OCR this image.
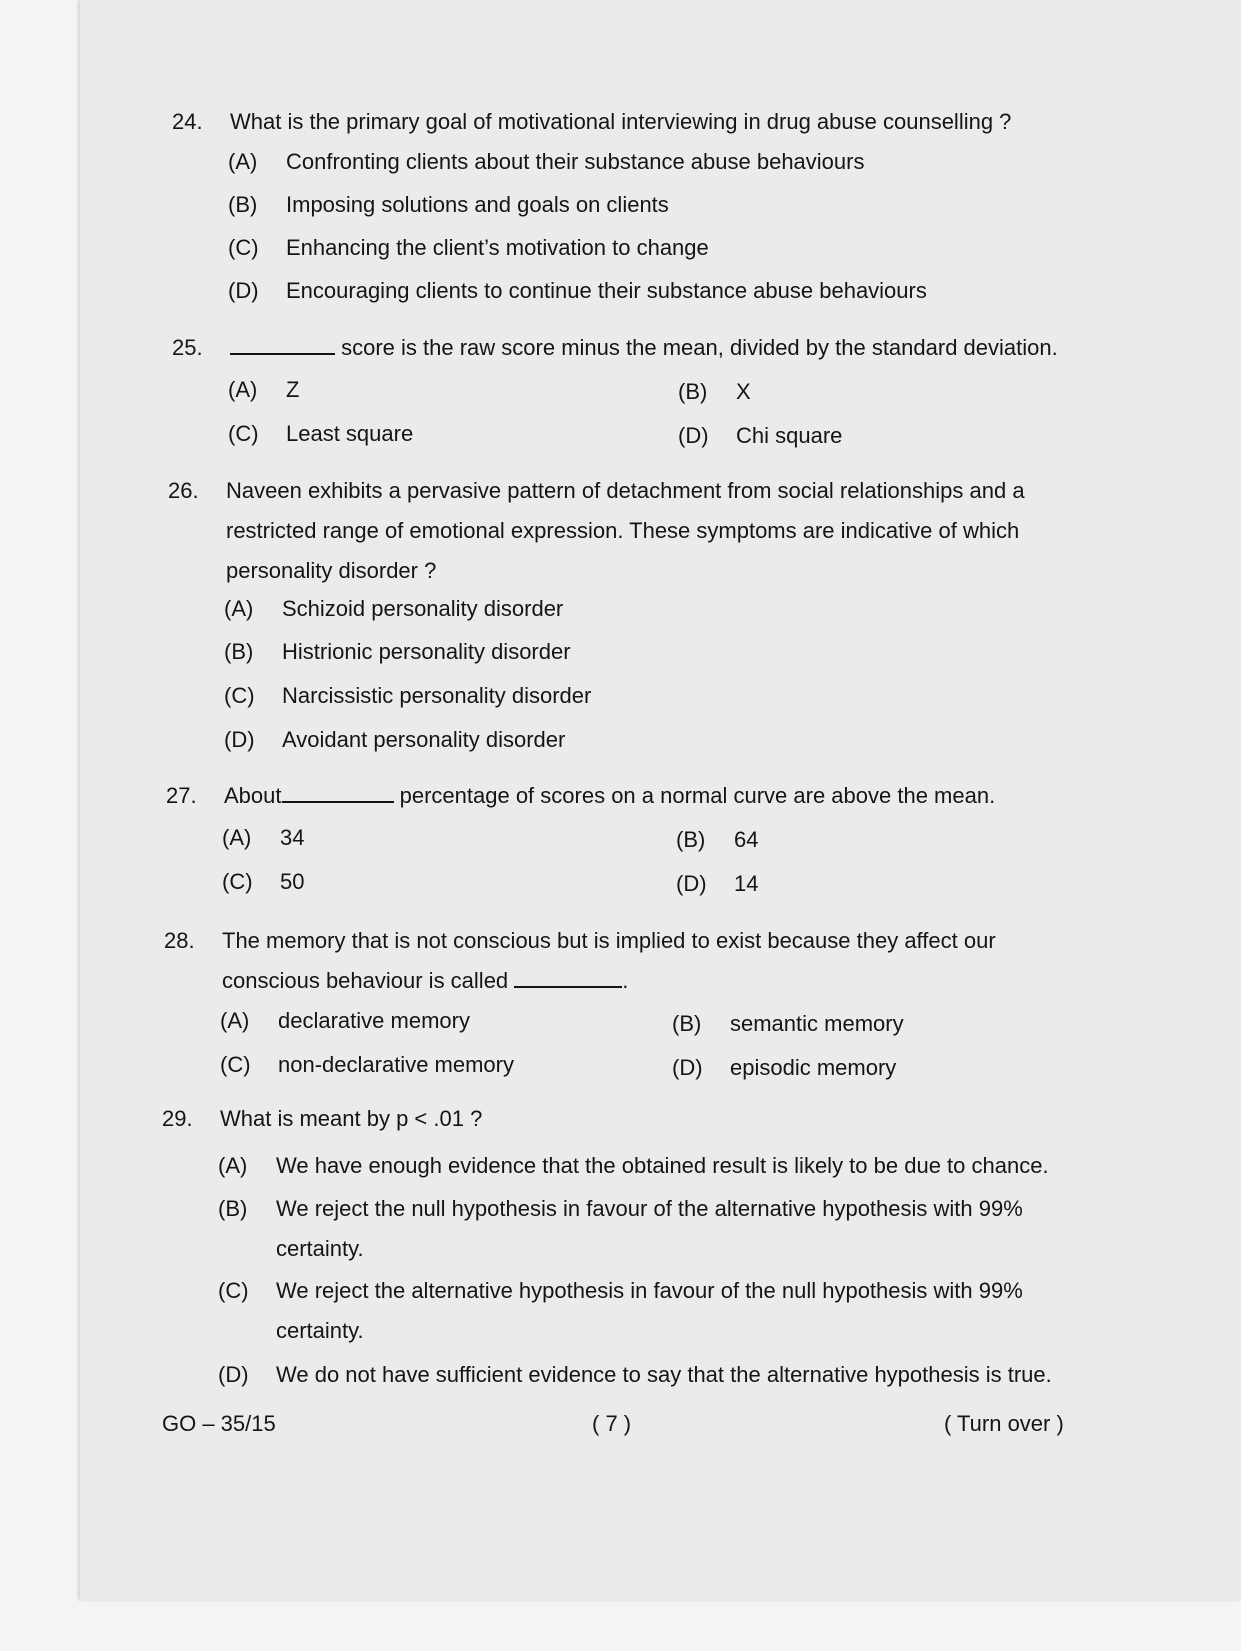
24. What is the primary goal of motivational interviewing in drug abuse counselling ?
(A) Confronting clients about their substance abuse behaviours
(B) Imposing solutions and goals on clients
(C) Enhancing the client’s motivation to change
(D) Encouraging clients to continue their substance abuse behaviours
25.	score is the raw score minus the mean, divided by the standard deviation.
(A) Z	(B) X
(C) Least square	(D) Chi square
26. Naveen exhibits a pervasive pattern of detachment from social relationships and a restricted range of emotional expression. These symptoms are indicative of which personality disorder ?
(A) Schizoid personality disorder
(B) Histrionic personality disorder
(C) Narcissistic personality disorder
(D) Avoidant personality disorder
27. About	percentage of scores on a normal curve are above the mean.
(A) 34	(B) 64
(C) 50	(D) 14
28. The memory that is not conscious but is implied to exist because they affect our conscious behaviour is called	.
(A) declarative memory	(B) semantic memory
(C) non-declarative memory	(D) episodic memory
29. What is meant by p < .01 ?
(A) We have enough evidence that the obtained result is likely to be due to chance.
(B)	We reject the null hypothesis in favour of the alternative hypothesis with 99% certainty.
(C)	We reject the alternative hypothesis in favour of the null hypothesis with 99% certainty.
(D) We do not have sufficient evidence to say that the alternative hypothesis is true.
GO – 35/15	( 7 )	( Turn over )
